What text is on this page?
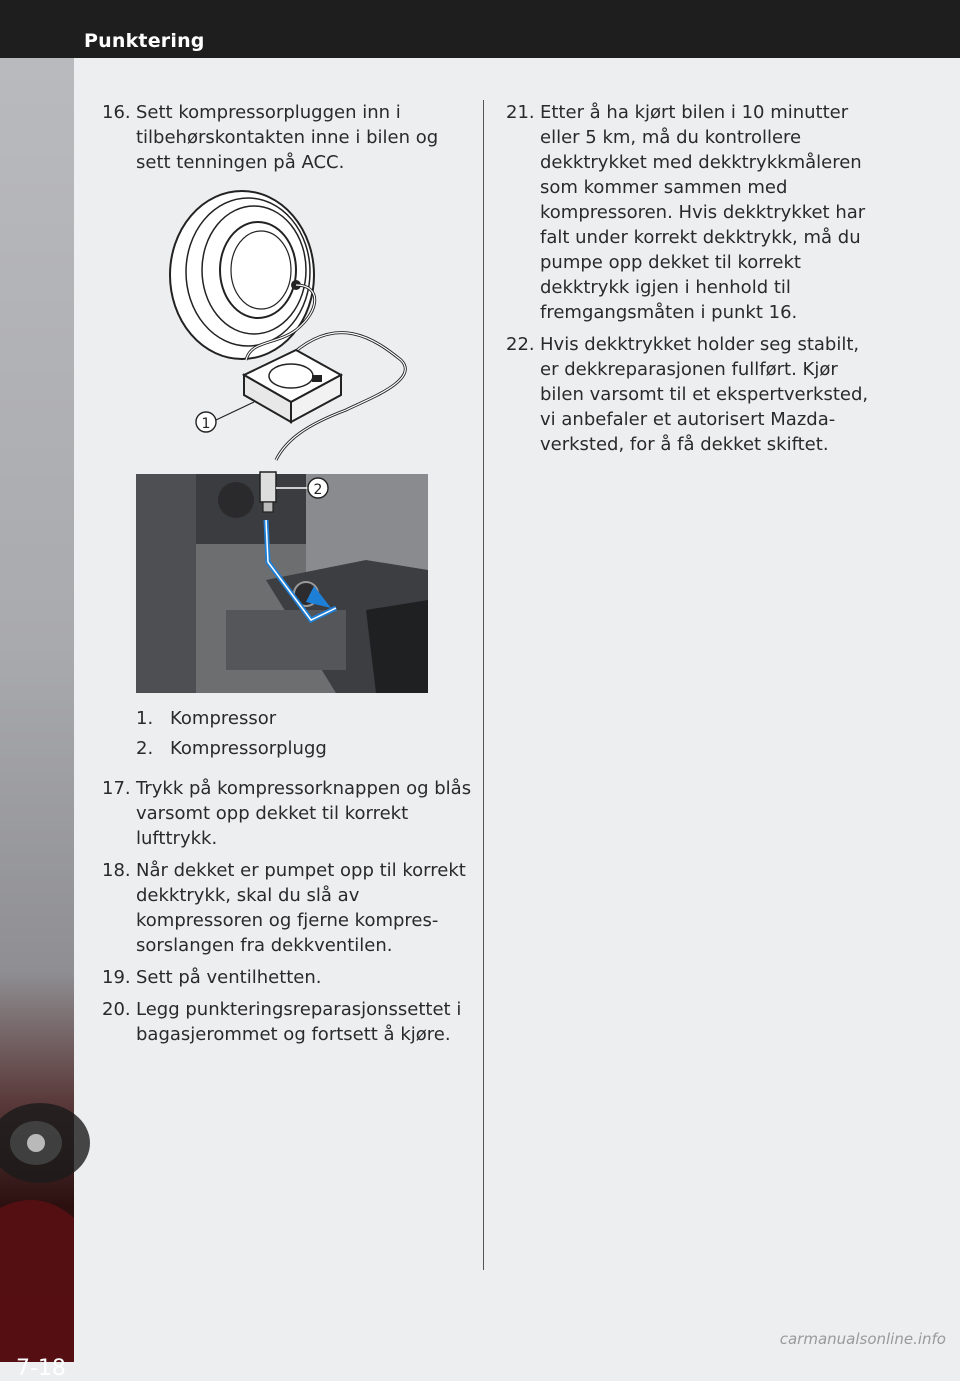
Punktering
7-18
16. Sett kompressorpluggen inn i tilbehørskontakten inne i bilen og sett tenningen på ACC.
1
2
1. Kompressor
2. Kompressorplugg
17. Trykk på kompressorknappen og blås varsomt opp dekket til korrekt lufttrykk.
18. Når dekket er pumpet opp til korrekt dekktrykk, skal du slå av kompressoren og fjerne kompressorslangen fra dekkventilen.
19. Sett på ventilhetten.
20. Legg punkteringsreparasjonssettet i bagasjerommet og fortsett å kjøre.
21. Etter å ha kjørt bilen i 10 minutter eller 5 km, må du kontrollere dekktrykket med dekktrykkmåleren som kommer sammen med kompressoren. Hvis dekktrykket har falt under korrekt dekktrykk, må du pumpe opp dekket til korrekt dekktrykk igjen i henhold til fremgangsmåten i punkt 16.
22. Hvis dekktrykket holder seg stabilt, er dekkreparasjonen fullført. Kjør bilen varsomt til et ekspertverksted, vi anbefaler et autorisert Mazda-verksted, for å få dekket skiftet.
carmanualsonline.info
